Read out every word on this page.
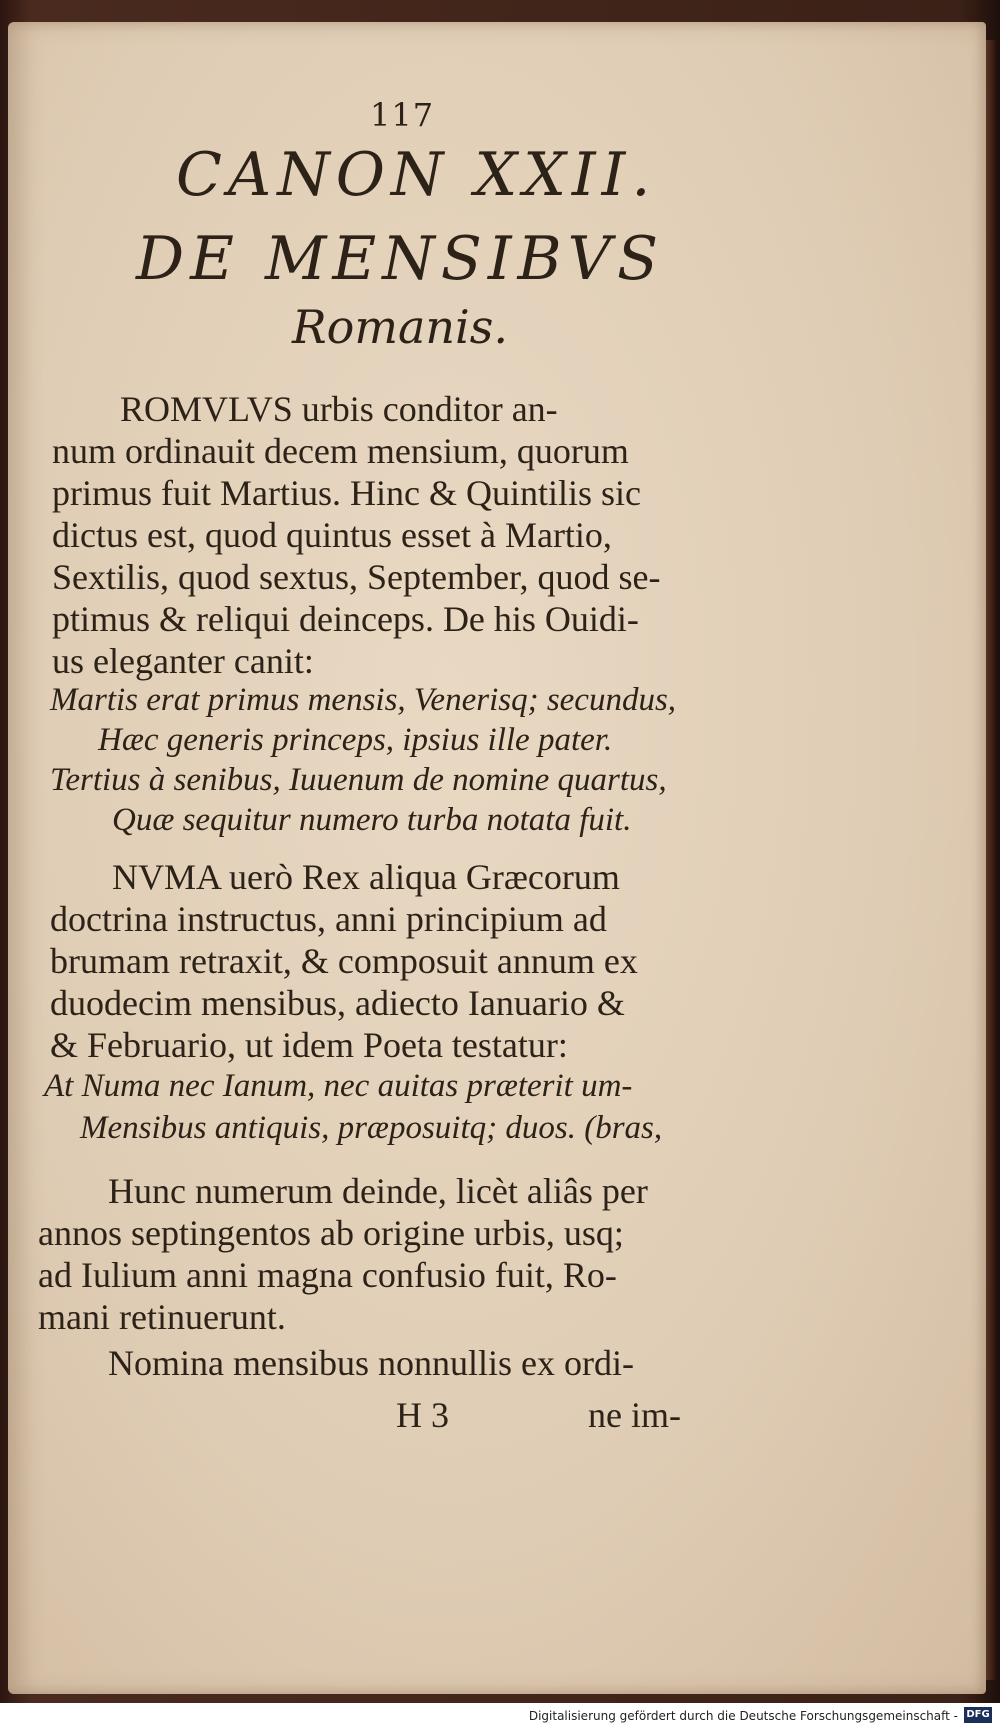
117
CANON XXII.
DE MENSIBVS
Romanis.
ROMVLVS urbis conditor an-
num ordinauit decem mensium, quorum
primus fuit Martius. Hinc & Quintilis sic
dictus est, quod quintus esset à Martio,
Sextilis, quod sextus, September, quod se-
ptimus & reliqui deinceps. De his Ouidi-
us eleganter canit:
Martis erat primus mensis, Venerisq; secundus,
Hæc generis princeps, ipsius ille pater.
Tertius à senibus, Iuuenum de nomine quartus,
Quæ sequitur numero turba notata fuit.
NVMA uerò Rex aliqua Græcorum
doctrina instructus, anni principium ad
brumam retraxit, & composuit annum ex
duodecim mensibus, adiecto Ianuario &
& Februario, ut idem Poeta testatur:
At Numa nec Ianum, nec auitas præterit um-
Mensibus antiquis, præposuitq; duos. (bras,
Hunc numerum deinde, licèt aliâs per
annos septingentos ab origine urbis, usq;
ad Iulium anni magna confusio fuit, Ro-
mani retinuerunt.
Nomina mensibus nonnullis ex ordi-
H 3	ne im-
Digitalisierung gefördert durch die Deutsche Forschungsgemeinschaft - DFG
